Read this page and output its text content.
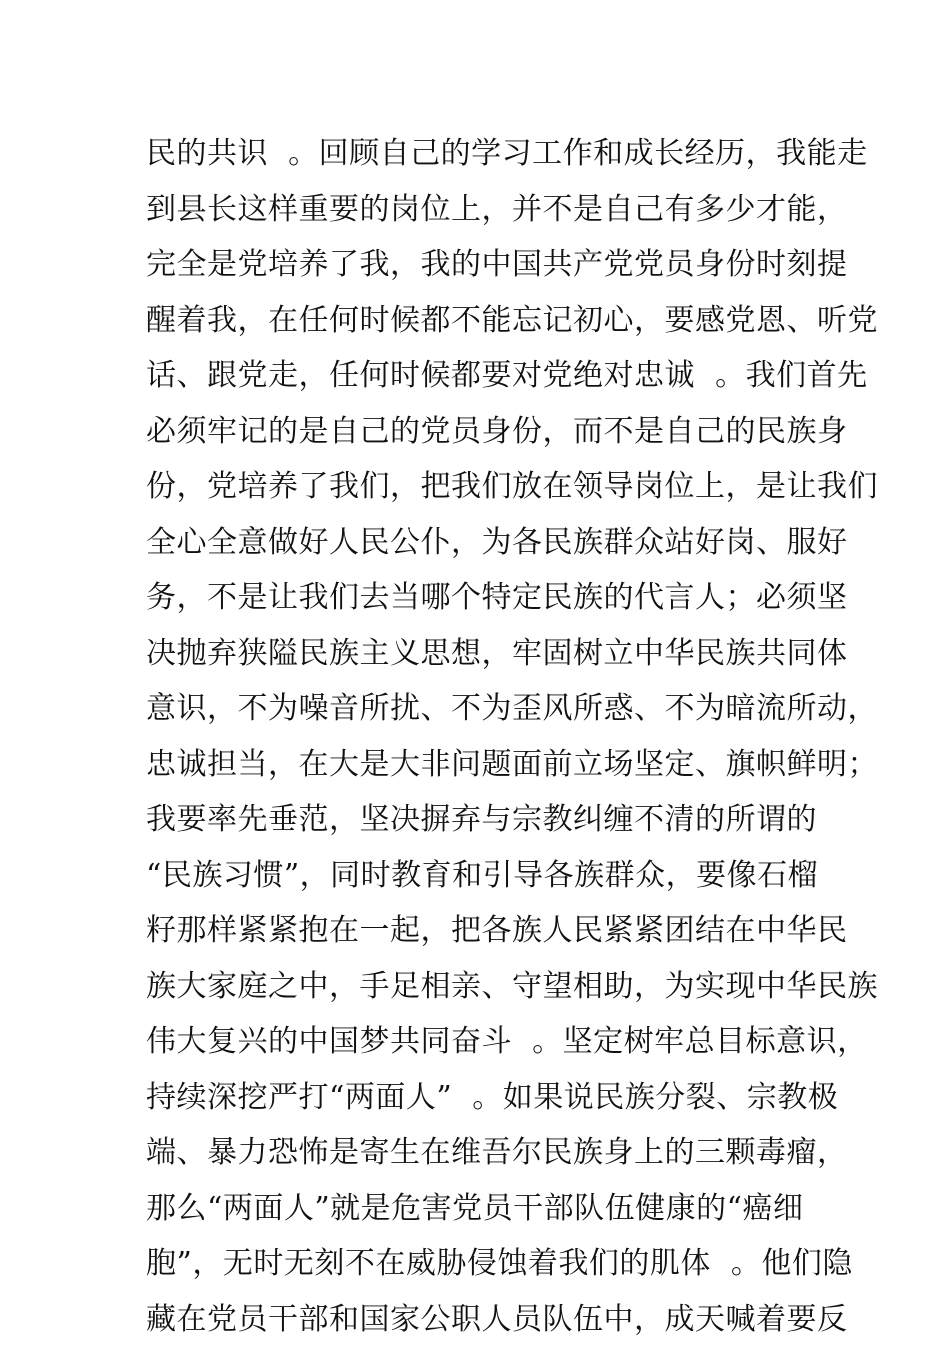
民的共识  。回顾自己的学习工作和成长经历，我能走
到县长这样重要的岗位上，并不是自己有多少才能，
完全是党培养了我，我的中国共产党党员身份时刻提
醒着我，在任何时候都不能忘记初心，要感党恩、听党
话、跟党走，任何时候都要对党绝对忠诚  。我们首先
必须牢记的是自己的党员身份，而不是自己的民族身
份，党培养了我们，把我们放在领导岗位上，是让我们
全心全意做好人民公仆，为各民族群众站好岗、服好
务，不是让我们去当哪个特定民族的代言人；必须坚
决抛弃狭隘民族主义思想，牢固树立中华民族共同体
意识，不为噪音所扰、不为歪风所惑、不为暗流所动，
忠诚担当，在大是大非问题面前立场坚定、旗帜鲜明；
我要率先垂范，坚决摒弃与宗教纠缠不清的所谓的
“民族习惯”，同时教育和引导各族群众，要像石榴
籽那样紧紧抱在一起，把各族人民紧紧团结在中华民
族大家庭之中，手足相亲、守望相助，为实现中华民族
伟大复兴的中国梦共同奋斗  。坚定树牢总目标意识，
持续深挖严打“两面人”  。如果说民族分裂、宗教极
端、暴力恐怖是寄生在维吾尔民族身上的三颗毒瘤，
那么“两面人”就是危害党员干部队伍健康的“癌细
胞”，无时无刻不在威胁侵蚀着我们的肌体  。他们隐
藏在党员干部和国家公职人员队伍中，成天喊着要反
